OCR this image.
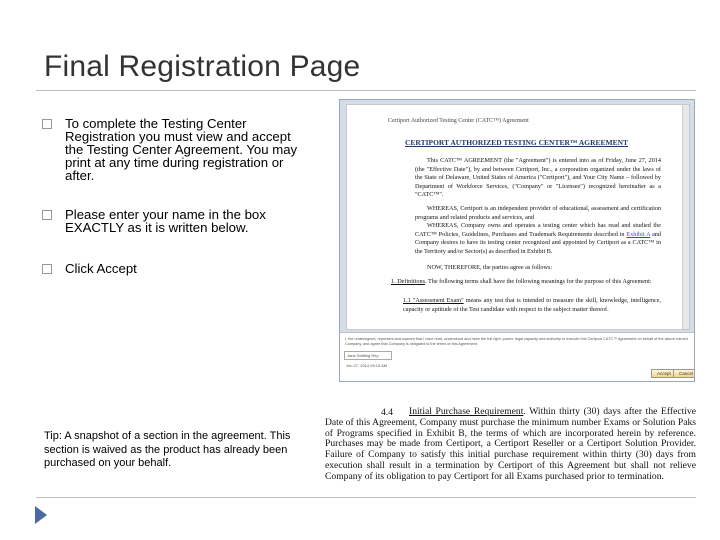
Final Registration Page
To complete the Testing Center Registration you must view and accept the Testing Center Agreement. You may print at any time during registration or after.
Please enter your name in the box EXACTLY as it is written below.
Click Accept
Tip: A snapshot of a section in the agreement. This section is waived as the product has already been purchased on your behalf.
Certiport Authorized Testing Center (CATC™) Agreement
CERTIPORT AUTHORIZED TESTING CENTER™ AGREEMENT
This CATC™ AGREEMENT (the "Agreement") is entered into as of Friday, June 27, 2014 (the "Effective Date"), by and between Certiport, Inc., a corporation organized under the laws of the State of Delaware, United States of America ("Certiport"), and Your City Name – followed by Department of Workforce Services, ("Company" or "Licensee") recognized hereinafter as a "CATC™".
WHEREAS, Certiport is an independent provider of educational, assessment and certification programs and related products and services, and
WHEREAS, Company owns and operates a testing center which has read and studied the CATC™ Policies, Guidelines, Purchases and Trademark Requirements described in Exhibit A and Company desires to have its testing center recognized and appointed by Certiport as a CATC™ in the Territory and/or Sector(s) as described in Exhibit B.
NOW, THEREFORE, the parties agree as follows:
1. Definitions. The following terms shall have the following meanings for the purpose of this Agreement:
1.1 "Assessment Exam" means any test that is intended to measure the skill, knowledge, intelligence, capacity or aptitude of the Test candidate with respect to the subject matter thereof.
I, the undersigned, represent and warrant that I have read, understood and have the full right, power, legal capacity and authority to execute this Certiport CATC™ Agreement on behalf of the above named Company, and agree that Company is obligated to the terms of this Agreement.
Jane Staffing Rep
Jun 27, 2014 09:15 AM
Accept	Cancel
4.4	Initial Purchase Requirement. Within thirty (30) days after the Effective Date of this Agreement, Company must purchase the minimum number Exams or Solution Paks of Programs specified in Exhibit B, the terms of which are incorporated herein by reference. Purchases may be made from Certiport, a Certiport Reseller or a Certiport Solution Provider. Failure of Company to satisfy this initial purchase requirement within thirty (30) days from execution shall result in a termination by Certiport of this Agreement but shall not relieve Company of its obligation to pay Certiport for all Exams purchased prior to termination.
